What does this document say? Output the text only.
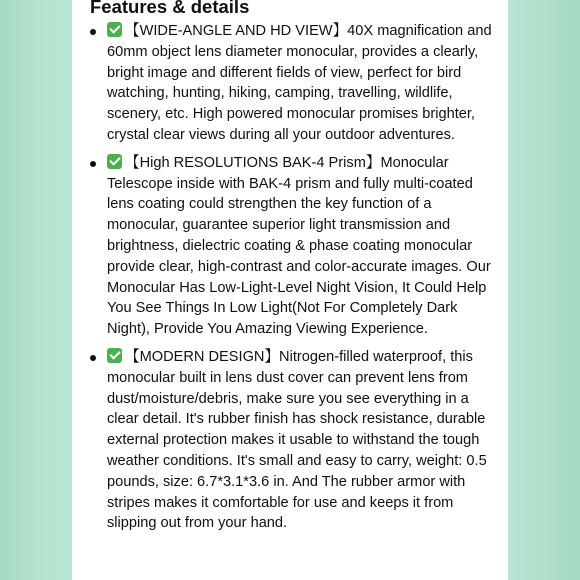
Features & details
【WIDE-ANGLE AND HD VIEW】40X magnification and 60mm object lens diameter monocular, provides a clearly, bright image and different fields of view, perfect for bird watching, hunting, hiking, camping, travelling, wildlife, scenery, etc. High powered monocular promises brighter, crystal clear views during all your outdoor adventures.
【High RESOLUTIONS BAK-4 Prism】Monocular Telescope inside with BAK-4 prism and fully multi-coated lens coating could strengthen the key function of a monocular, guarantee superior light transmission and brightness, dielectric coating & phase coating monocular provide clear, high-contrast and color-accurate images. Our Monocular Has Low-Light-Level Night Vision, It Could Help You See Things In Low Light(Not For Completely Dark Night), Provide You Amazing Viewing Experience.
【MODERN DESIGN】Nitrogen-filled waterproof, this monocular built in lens dust cover can prevent lens from dust/moisture/debris, make sure you see everything in a clear detail. It's rubber finish has shock resistance, durable external protection makes it usable to withstand the tough weather conditions. It's small and easy to carry, weight: 0.5 pounds, size: 6.7*3.1*3.6 in. And The rubber armor with stripes makes it comfortable for use and keeps it from slipping out from your hand.
